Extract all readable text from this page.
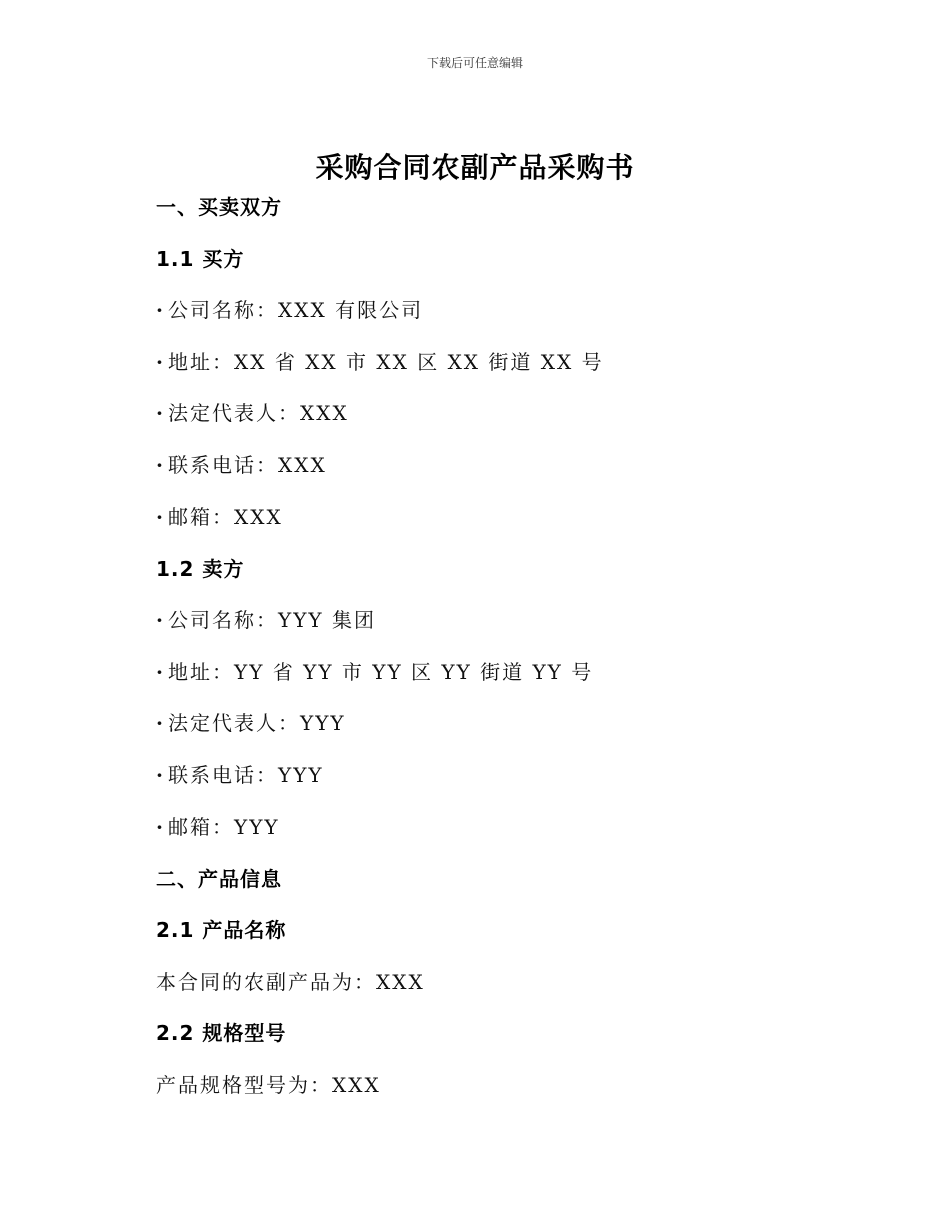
下载后可任意编辑
采购合同农副产品采购书
一、买卖双方
1.1 买方
· 公司名称：XXX 有限公司
· 地址：XX 省 XX 市 XX 区 XX 街道 XX 号
· 法定代表人：XXX
· 联系电话：XXX
· 邮箱：XXX
1.2 卖方
· 公司名称：YYY 集团
· 地址：YY 省 YY 市 YY 区 YY 街道 YY 号
· 法定代表人：YYY
· 联系电话：YYY
· 邮箱：YYY
二、产品信息
2.1 产品名称
本合同的农副产品为：XXX
2.2 规格型号
产品规格型号为：XXX
